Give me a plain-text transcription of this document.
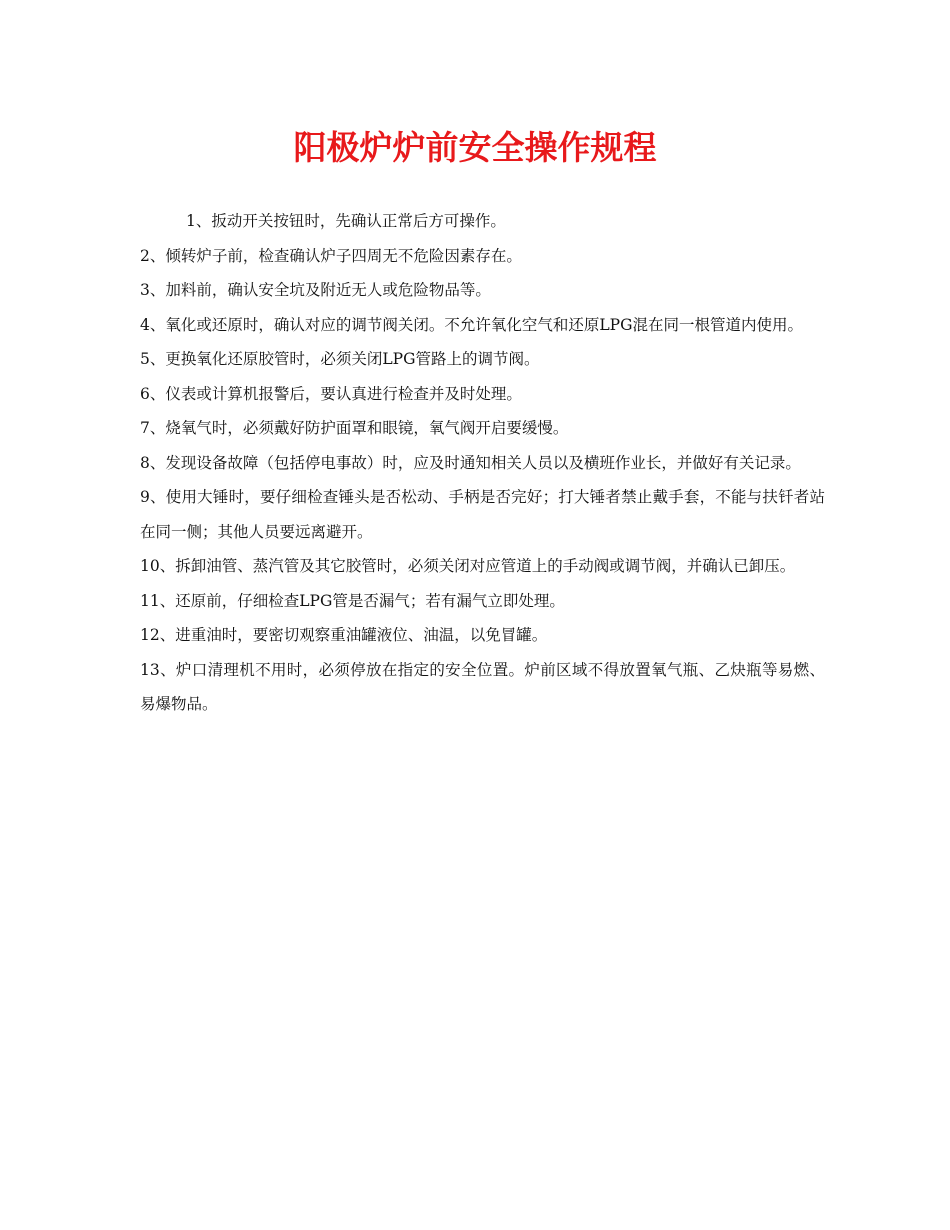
阳极炉炉前安全操作规程

1、扳动开关按钮时，先确认正常后方可操作。

2、倾转炉子前，检查确认炉子四周无不危险因素存在。

3、加料前，确认安全坑及附近无人或危险物品等。

4、氧化或还原时，确认对应的调节阀关闭。不允许氧化空气和还原LPG混在同一根管道内使用。

5、更换氧化还原胶管时，必须关闭LPG管路上的调节阀。

6、仪表或计算机报警后，要认真进行检查并及时处理。

7、烧氧气时，必须戴好防护面罩和眼镜，氧气阀开启要缓慢。

8、发现设备故障（包括停电事故）时，应及时通知相关人员以及横班作业长，并做好有关记录。

9、使用大锤时，要仔细检查锤头是否松动、手柄是否完好；打大锤者禁止戴手套，不能与扶钎者站在同一侧；其他人员要远离避开。

10、拆卸油管、蒸汽管及其它胶管时，必须关闭对应管道上的手动阀或调节阀，并确认已卸压。

11、还原前，仔细检查LPG管是否漏气；若有漏气立即处理。

12、进重油时，要密切观察重油罐液位、油温，以免冒罐。

13、炉口清理机不用时，必须停放在指定的安全位置。炉前区域不得放置氧气瓶、乙炔瓶等易燃、易爆物品。
